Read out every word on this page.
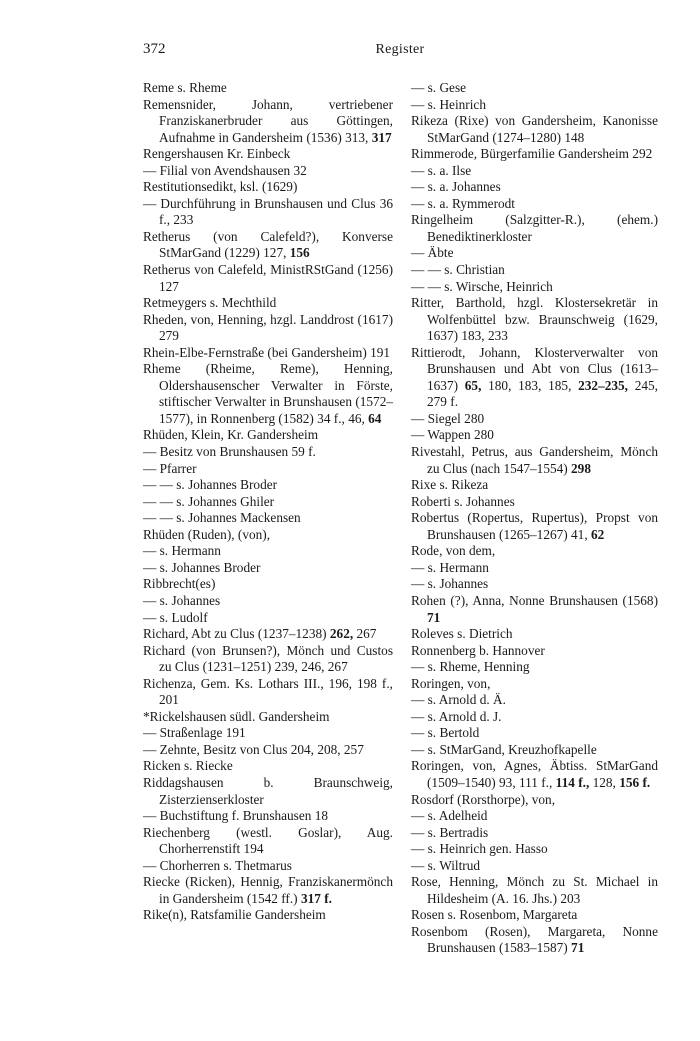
372	Register

Reme s. Rheme

Remensnider, Johann, vertriebener Franziskanerbruder aus Göttingen, Aufnahme in Gandersheim (1536) 313, 317

Rengershausen Kr. Einbeck

— Filial von Avendshausen 32

Restitutionsedikt, ksl. (1629)

— Durchführung in Brunshausen und Clus 36 f., 233

Retherus (von Calefeld?), Konverse StMarGand (1229) 127, 156

Retherus von Calefeld, MinistRStGand (1256) 127

Retmeygers s. Mechthild

Rheden, von, Henning, hzgl. Landdrost (1617) 279

Rhein-Elbe-Fernstraße (bei Gandersheim) 191

Rheme (Rheime, Reme), Henning, Oldershausenscher Verwalter in Förste, stiftischer Verwalter in Brunshausen (1572–1577), in Ronnenberg (1582) 34 f., 46, 64

Rhüden, Klein, Kr. Gandersheim

— Besitz von Brunshausen 59 f.

— Pfarrer

— — s. Johannes Broder

— — s. Johannes Ghiler

— — s. Johannes Mackensen

Rhüden (Ruden), (von),

— s. Hermann

— s. Johannes Broder

Ribbrecht(es)

— s. Johannes

— s. Ludolf

Richard, Abt zu Clus (1237–1238) 262, 267

Richard (von Brunsen?), Mönch und Custos zu Clus (1231–1251) 239, 246, 267

Richenza, Gem. Ks. Lothars III., 196, 198 f., 201

*Rickelshausen südl. Gandersheim

— Straßenlage 191

— Zehnte, Besitz von Clus 204, 208, 257

Ricken s. Riecke

Riddagshausen b. Braunschweig, Zisterzienserkloster

— Buchstiftung f. Brunshausen 18

Riechenberg (westl. Goslar), Aug. Chorherrenstift 194

— Chorherren s. Thetmarus

Riecke (Ricken), Hennig, Franziskanermönch in Gandersheim (1542 ff.) 317 f.

Rike(n), Ratsfamilie Gandersheim

— s. Gese

— s. Heinrich

Rikeza (Rixe) von Gandersheim, Kanonisse StMarGand (1274–1280) 148

Rimmerode, Bürgerfamilie Gandersheim 292

— s. a. Ilse

— s. a. Johannes

— s. a. Rymmerodt

Ringelheim (Salzgitter-R.), (ehem.) Benediktinerkloster

— Äbte

— — s. Christian

— — s. Wirsche, Heinrich

Ritter, Barthold, hzgl. Klostersekretär in Wolfenbüttel bzw. Braunschweig (1629, 1637) 183, 233

Rittierodt, Johann, Klosterverwalter von Brunshausen und Abt von Clus (1613–1637) 65, 180, 183, 185, 232–235, 245, 279 f.

— Siegel 280

— Wappen 280

Rivestahl, Petrus, aus Gandersheim, Mönch zu Clus (nach 1547–1554) 298

Rixe s. Rikeza

Roberti s. Johannes

Robertus (Ropertus, Rupertus), Propst von Brunshausen (1265–1267) 41, 62

Rode, von dem,

— s. Hermann

— s. Johannes

Rohen (?), Anna, Nonne Brunshausen (1568) 71

Roleves s. Dietrich

Ronnenberg b. Hannover

— s. Rheme, Henning

Roringen, von,

— s. Arnold d. Ä.

— s. Arnold d. J.

— s. Bertold

— s. StMarGand, Kreuzhofkapelle

Roringen, von, Agnes, Äbtiss. StMarGand (1509–1540) 93, 111 f., 114 f., 128, 156 f.

Rosdorf (Rorsthorpe), von,

— s. Adelheid

— s. Bertradis

— s. Heinrich gen. Hasso

— s. Wiltrud

Rose, Henning, Mönch zu St. Michael in Hildesheim (A. 16. Jhs.) 203

Rosen s. Rosenbom, Margareta

Rosenbom (Rosen), Margareta, Nonne Brunshausen (1583–1587) 71
